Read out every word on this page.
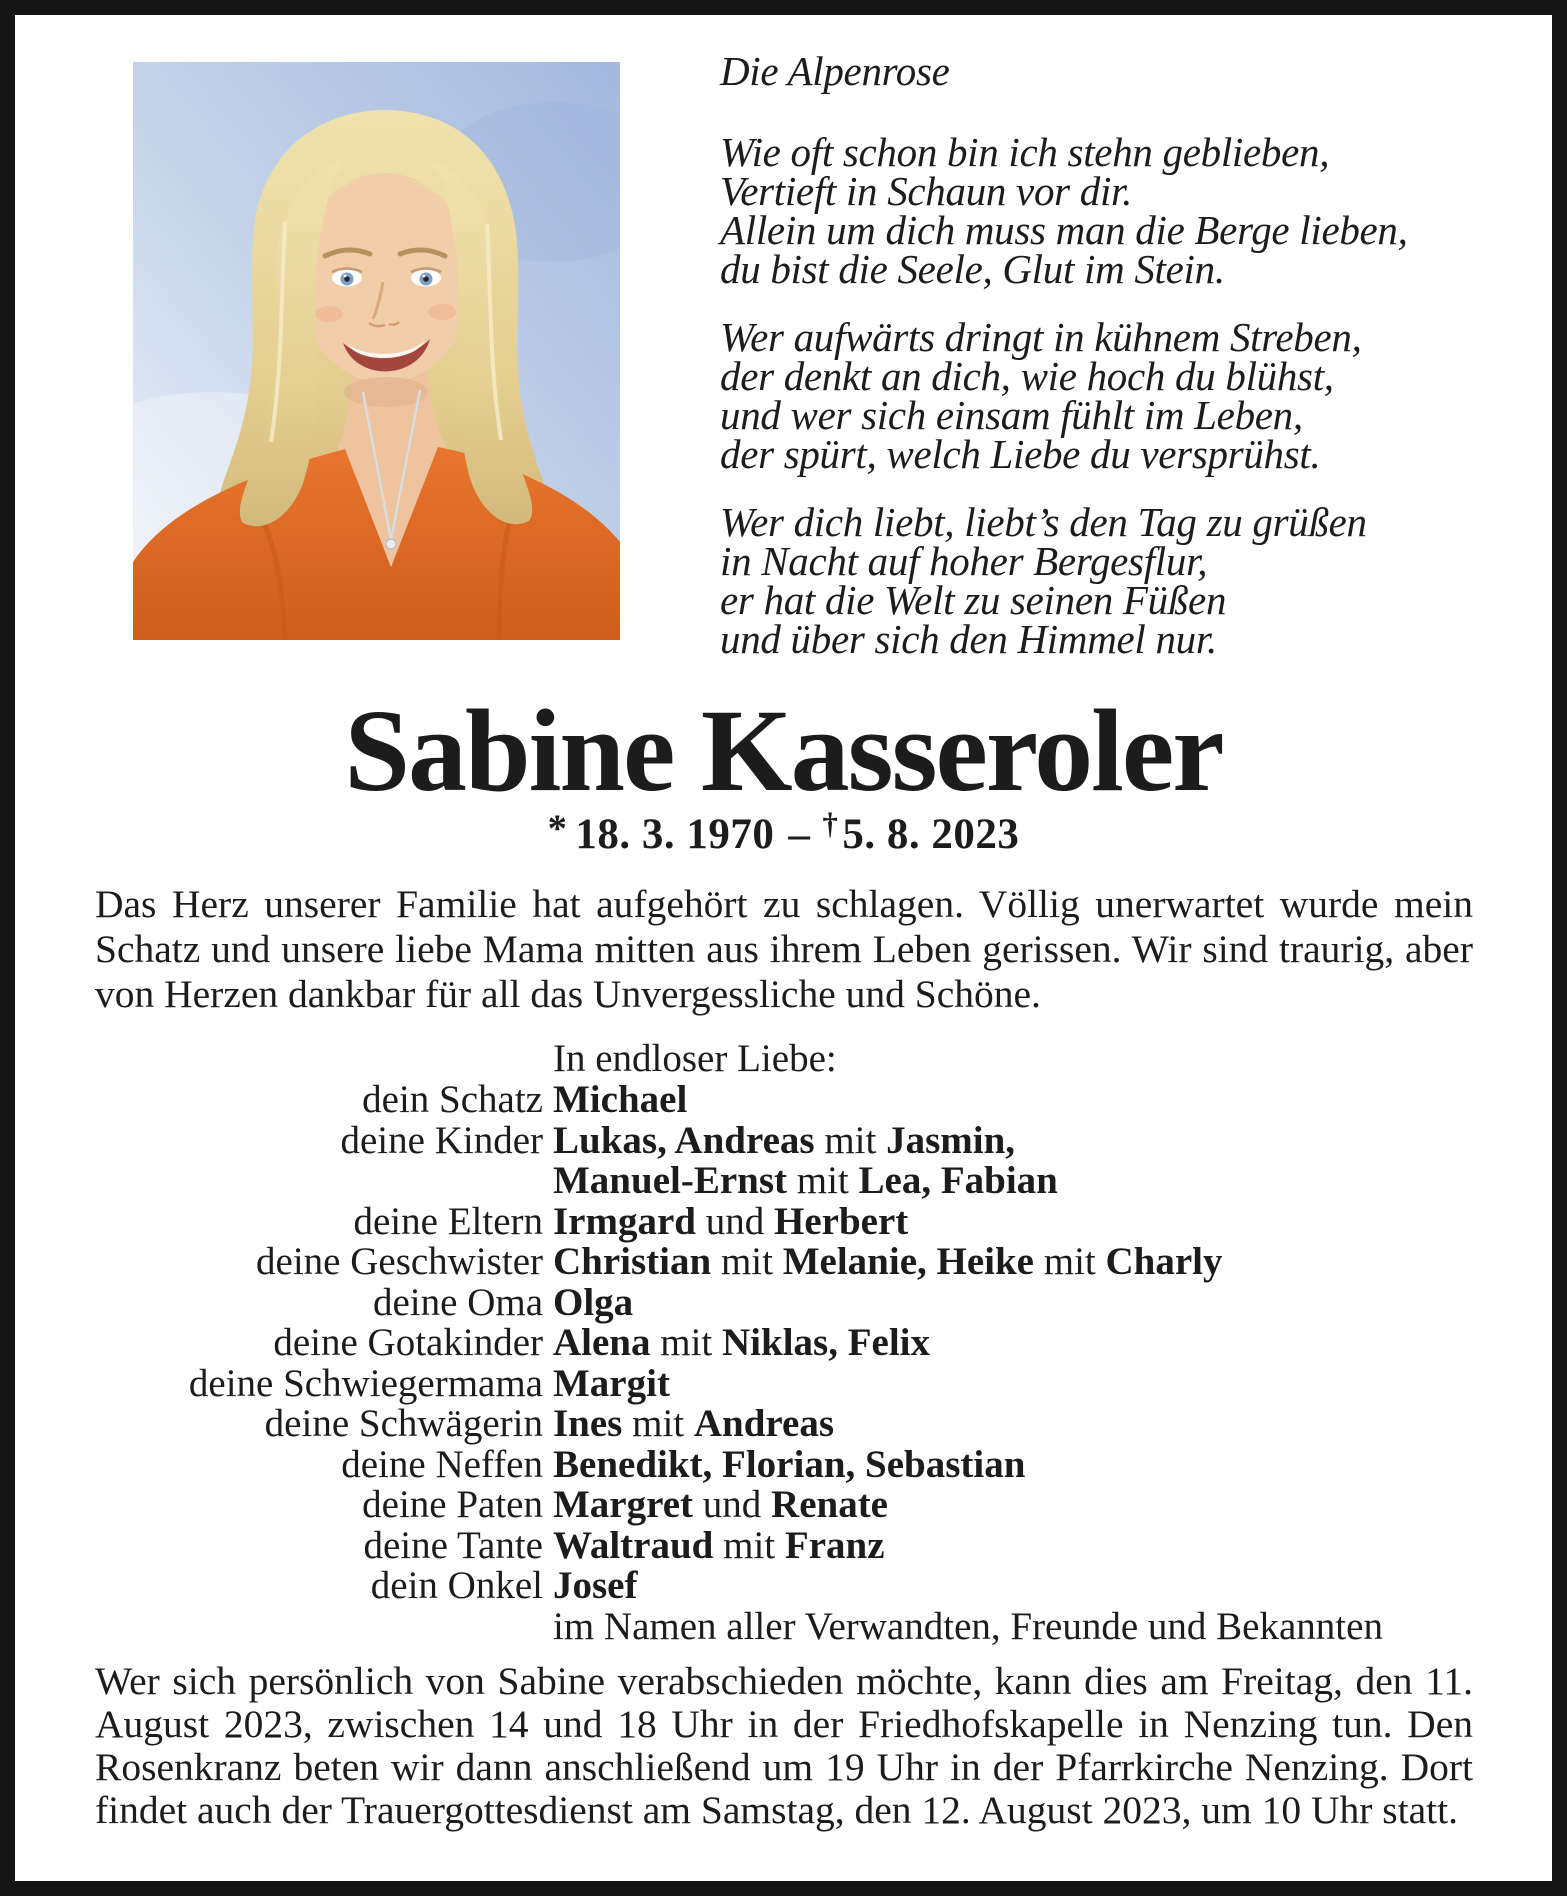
Die Alpenrose
Wie oft schon bin ich stehn geblieben,
Vertieft in Schaun vor dir.
Allein um dich muss man die Berge lieben,
du bist die Seele, Glut im Stein.
Wer aufwärts dringt in kühnem Streben,
der denkt an dich, wie hoch du blühst,
und wer sich einsam fühlt im Leben,
der spürt, welch Liebe du versprühst.
Wer dich liebt, liebt’s den Tag zu grüßen
in Nacht auf hoher Bergesflur,
er hat die Welt zu seinen Füßen
und über sich den Himmel nur.
Sabine Kasseroler
* 18. 3. 1970 – †5. 8. 2023

Das Herz unserer Familie hat aufgehört zu schlagen. Völlig unerwartet wurde mein Schatz und unsere liebe Mama mitten aus ihrem Leben gerissen. Wir sind traurig, aber von Herzen dankbar für all das Unvergessliche und Schöne.

In endloser Liebe:
dein Schatz Michael
deine Kinder Lukas, Andreas mit Jasmin,
Manuel-Ernst mit Lea, Fabian
deine Eltern Irmgard und Herbert
deine Geschwister Christian mit Melanie, Heike mit Charly
deine Oma Olga
deine Gotakinder Alena mit Niklas, Felix
deine Schwiegermama Margit
deine Schwägerin Ines mit Andreas
deine Neffen Benedikt, Florian, Sebastian
deine Paten Margret und Renate
deine Tante Waltraud mit Franz
dein Onkel Josef
im Namen aller Verwandten, Freunde und Bekannten

Wer sich persönlich von Sabine verabschieden möchte, kann dies am Freitag, den 11. August 2023, zwischen 14 und 18 Uhr in der Friedhofskapelle in Nenzing tun. Den Rosenkranz beten wir dann anschließend um 19 Uhr in der Pfarrkirche Nenzing. Dort findet auch der Trauergottesdienst am Samstag, den 12. August 2023, um 10 Uhr statt.
